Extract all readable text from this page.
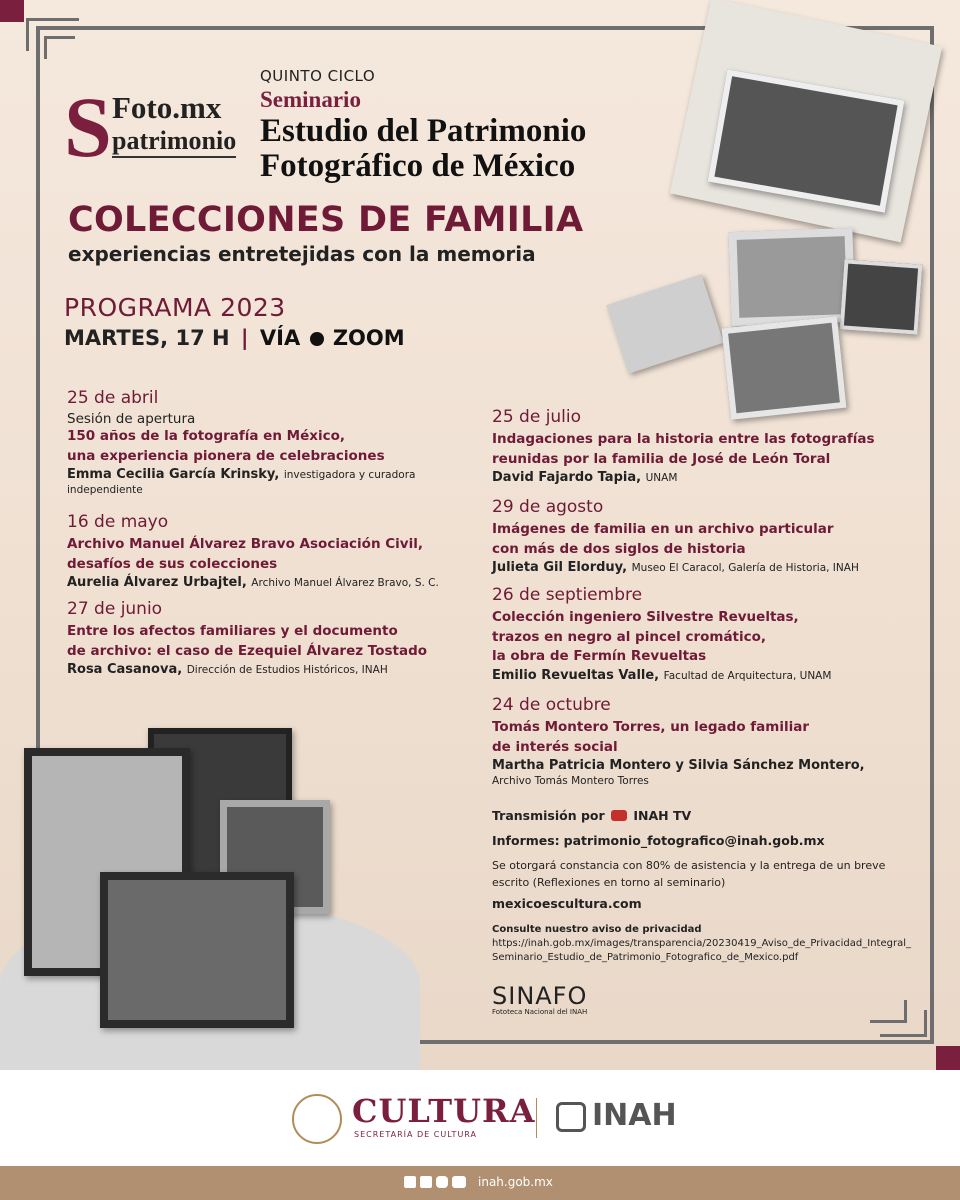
S Foto.mx
patrimonio
QUINTO CICLO
Seminario
Estudio del Patrimonio
Fotográfico de México
COLECCIONES DE FAMILIA
experiencias entretejidas con la memoria
PROGRAMA 2023
MARTES, 17 H | VÍA ZOOM
25 de abril
Sesión de apertura
150 años de la fotografía en México,
una experiencia pionera de celebraciones
Emma Cecilia García Krinsky, investigadora y curadora
independiente
16 de mayo
Archivo Manuel Álvarez Bravo Asociación Civil,
desafíos de sus colecciones
Aurelia Álvarez Urbajtel, Archivo Manuel Álvarez Bravo, S. C.
27 de junio
Entre los afectos familiares y el documento
de archivo: el caso de Ezequiel Álvarez Tostado
Rosa Casanova, Dirección de Estudios Históricos, INAH
25 de julio
Indagaciones para la historia entre las fotografías
reunidas por la familia de José de León Toral
David Fajardo Tapia, UNAM
29 de agosto
Imágenes de familia en un archivo particular
con más de dos siglos de historia
Julieta Gil Elorduy, Museo El Caracol, Galería de Historia, INAH
26 de septiembre
Colección ingeniero Silvestre Revueltas,
trazos en negro al pincel cromático,
la obra de Fermín Revueltas
Emilio Revueltas Valle, Facultad de Arquitectura, UNAM
24 de octubre
Tomás Montero Torres, un legado familiar
de interés social
Martha Patricia Montero y Silvia Sánchez Montero,
Archivo Tomás Montero Torres
Transmisión por INAH TV
Informes: patrimonio_fotografico@inah.gob.mx
Se otorgará constancia con 80% de asistencia y la entrega de un breve
escrito (Reflexiones en torno al seminario)
mexicoescultura.com
Consulte nuestro aviso de privacidad
https://inah.gob.mx/images/transparencia/20230419_Aviso_de_Privacidad_Integral_
Seminario_Estudio_de_Patrimonio_Fotografico_de_Mexico.pdf
SINAFO
Fototeca Nacional del INAH
CULTURA
SECRETARÍA DE CULTURA
INAH
inah.gob.mx
